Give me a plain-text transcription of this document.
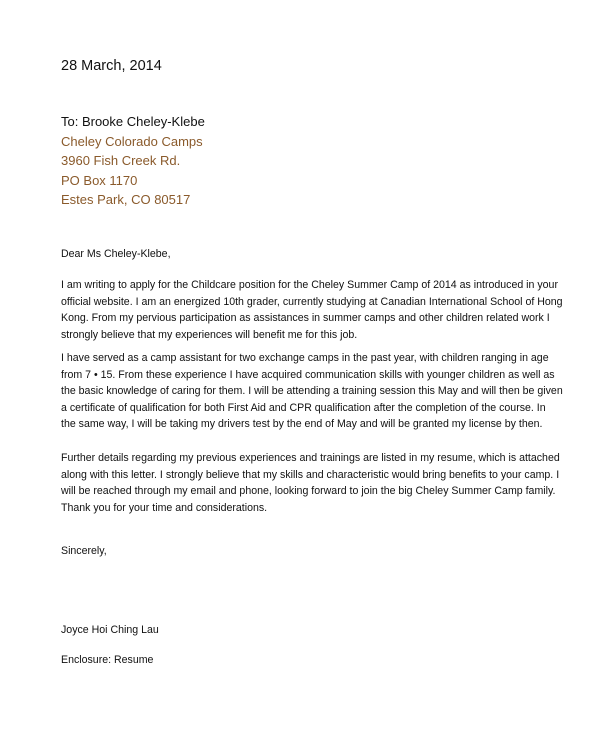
28 March, 2014
To: Brooke Cheley-Klebe
Cheley Colorado Camps
3960 Fish Creek Rd.
PO Box 1170
Estes Park, CO 80517
Dear Ms Cheley-Klebe,
I am writing to apply for the Childcare position for the Cheley Summer Camp of 2014 as introduced in your
official website. I am an energized 10th grader, currently studying at Canadian International School of Hong
Kong. From my pervious participation as assistances in summer camps and other children related work I
strongly believe that my experiences will benefit me for this job.
I have served as a camp assistant for two exchange camps in the past year, with children ranging in age
from 7 • 15. From these experience I have acquired communication skills with younger children as well as
the basic knowledge of caring for them. I will be attending a training session this May and will then be given
a certificate of qualification for both First Aid and CPR qualification after the completion of the course. In
the same way, I will be taking my drivers test by the end of May and will be granted my license by then.
Further details regarding my previous experiences and trainings are listed in my resume, which is attached
along with this letter. I strongly believe that my skills and characteristic would bring benefits to your camp. I
will be reached through my email and phone, looking forward to join the big Cheley Summer Camp family.
Thank you for your time and considerations.
Sincerely,
Joyce Hoi Ching Lau
Enclosure: Resume
